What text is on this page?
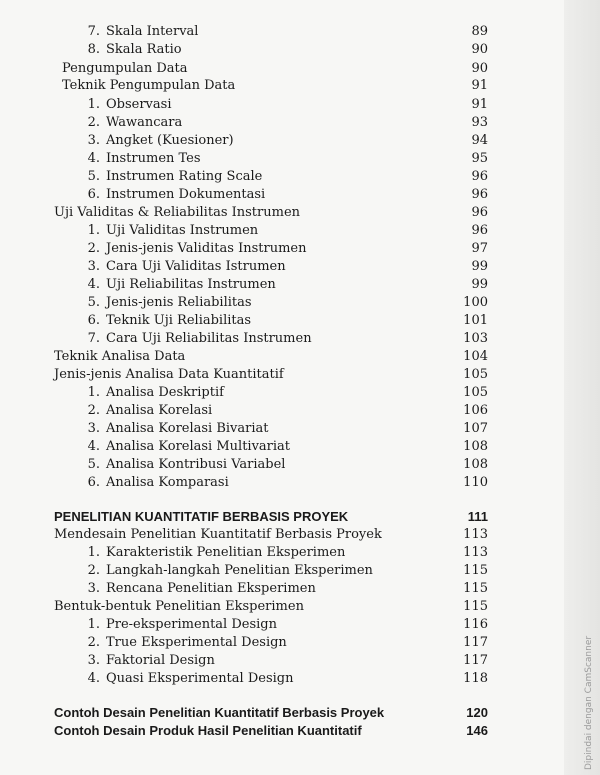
7. Skala Interval	89
8. Skala Ratio	90
Pengumpulan Data	90
Teknik Pengumpulan Data	91
1. Observasi	91
2. Wawancara	93
3. Angket (Kuesioner)	94
4. Instrumen Tes	95
5. Instrumen Rating Scale	96
6. Instrumen Dokumentasi	96
Uji Validitas & Reliabilitas Instrumen	96
1. Uji Validitas Instrumen	96
2. Jenis-jenis Validitas Instrumen	97
3. Cara Uji Validitas Istrumen	99
4. Uji Reliabilitas Instrumen	99
5. Jenis-jenis Reliabilitas	100
6. Teknik Uji Reliabilitas	101
7. Cara Uji Reliabilitas Instrumen	103
Teknik Analisa Data	104
Jenis-jenis Analisa Data Kuantitatif	105
1. Analisa Deskriptif	105
2. Analisa Korelasi	106
3. Analisa Korelasi Bivariat	107
4. Analisa Korelasi Multivariat	108
5. Analisa Kontribusi Variabel	108
6. Analisa Komparasi	110
PENELITIAN KUANTITATIF BERBASIS PROYEK	111
Mendesain Penelitian Kuantitatif Berbasis Proyek	113
1. Karakteristik Penelitian Eksperimen	113
2. Langkah-langkah Penelitian Eksperimen	115
3. Rencana Penelitian Eksperimen	115
Bentuk-bentuk Penelitian Eksperimen	115
1. Pre-eksperimental Design	116
2. True Eksperimental Design	117
3. Faktorial Design	117
4. Quasi Eksperimental Design	118
Contoh Desain Penelitian Kuantitatif Berbasis Proyek	120
Contoh Desain Produk Hasil Penelitian Kuantitatif	146	Dipindai dengan CamScanner
